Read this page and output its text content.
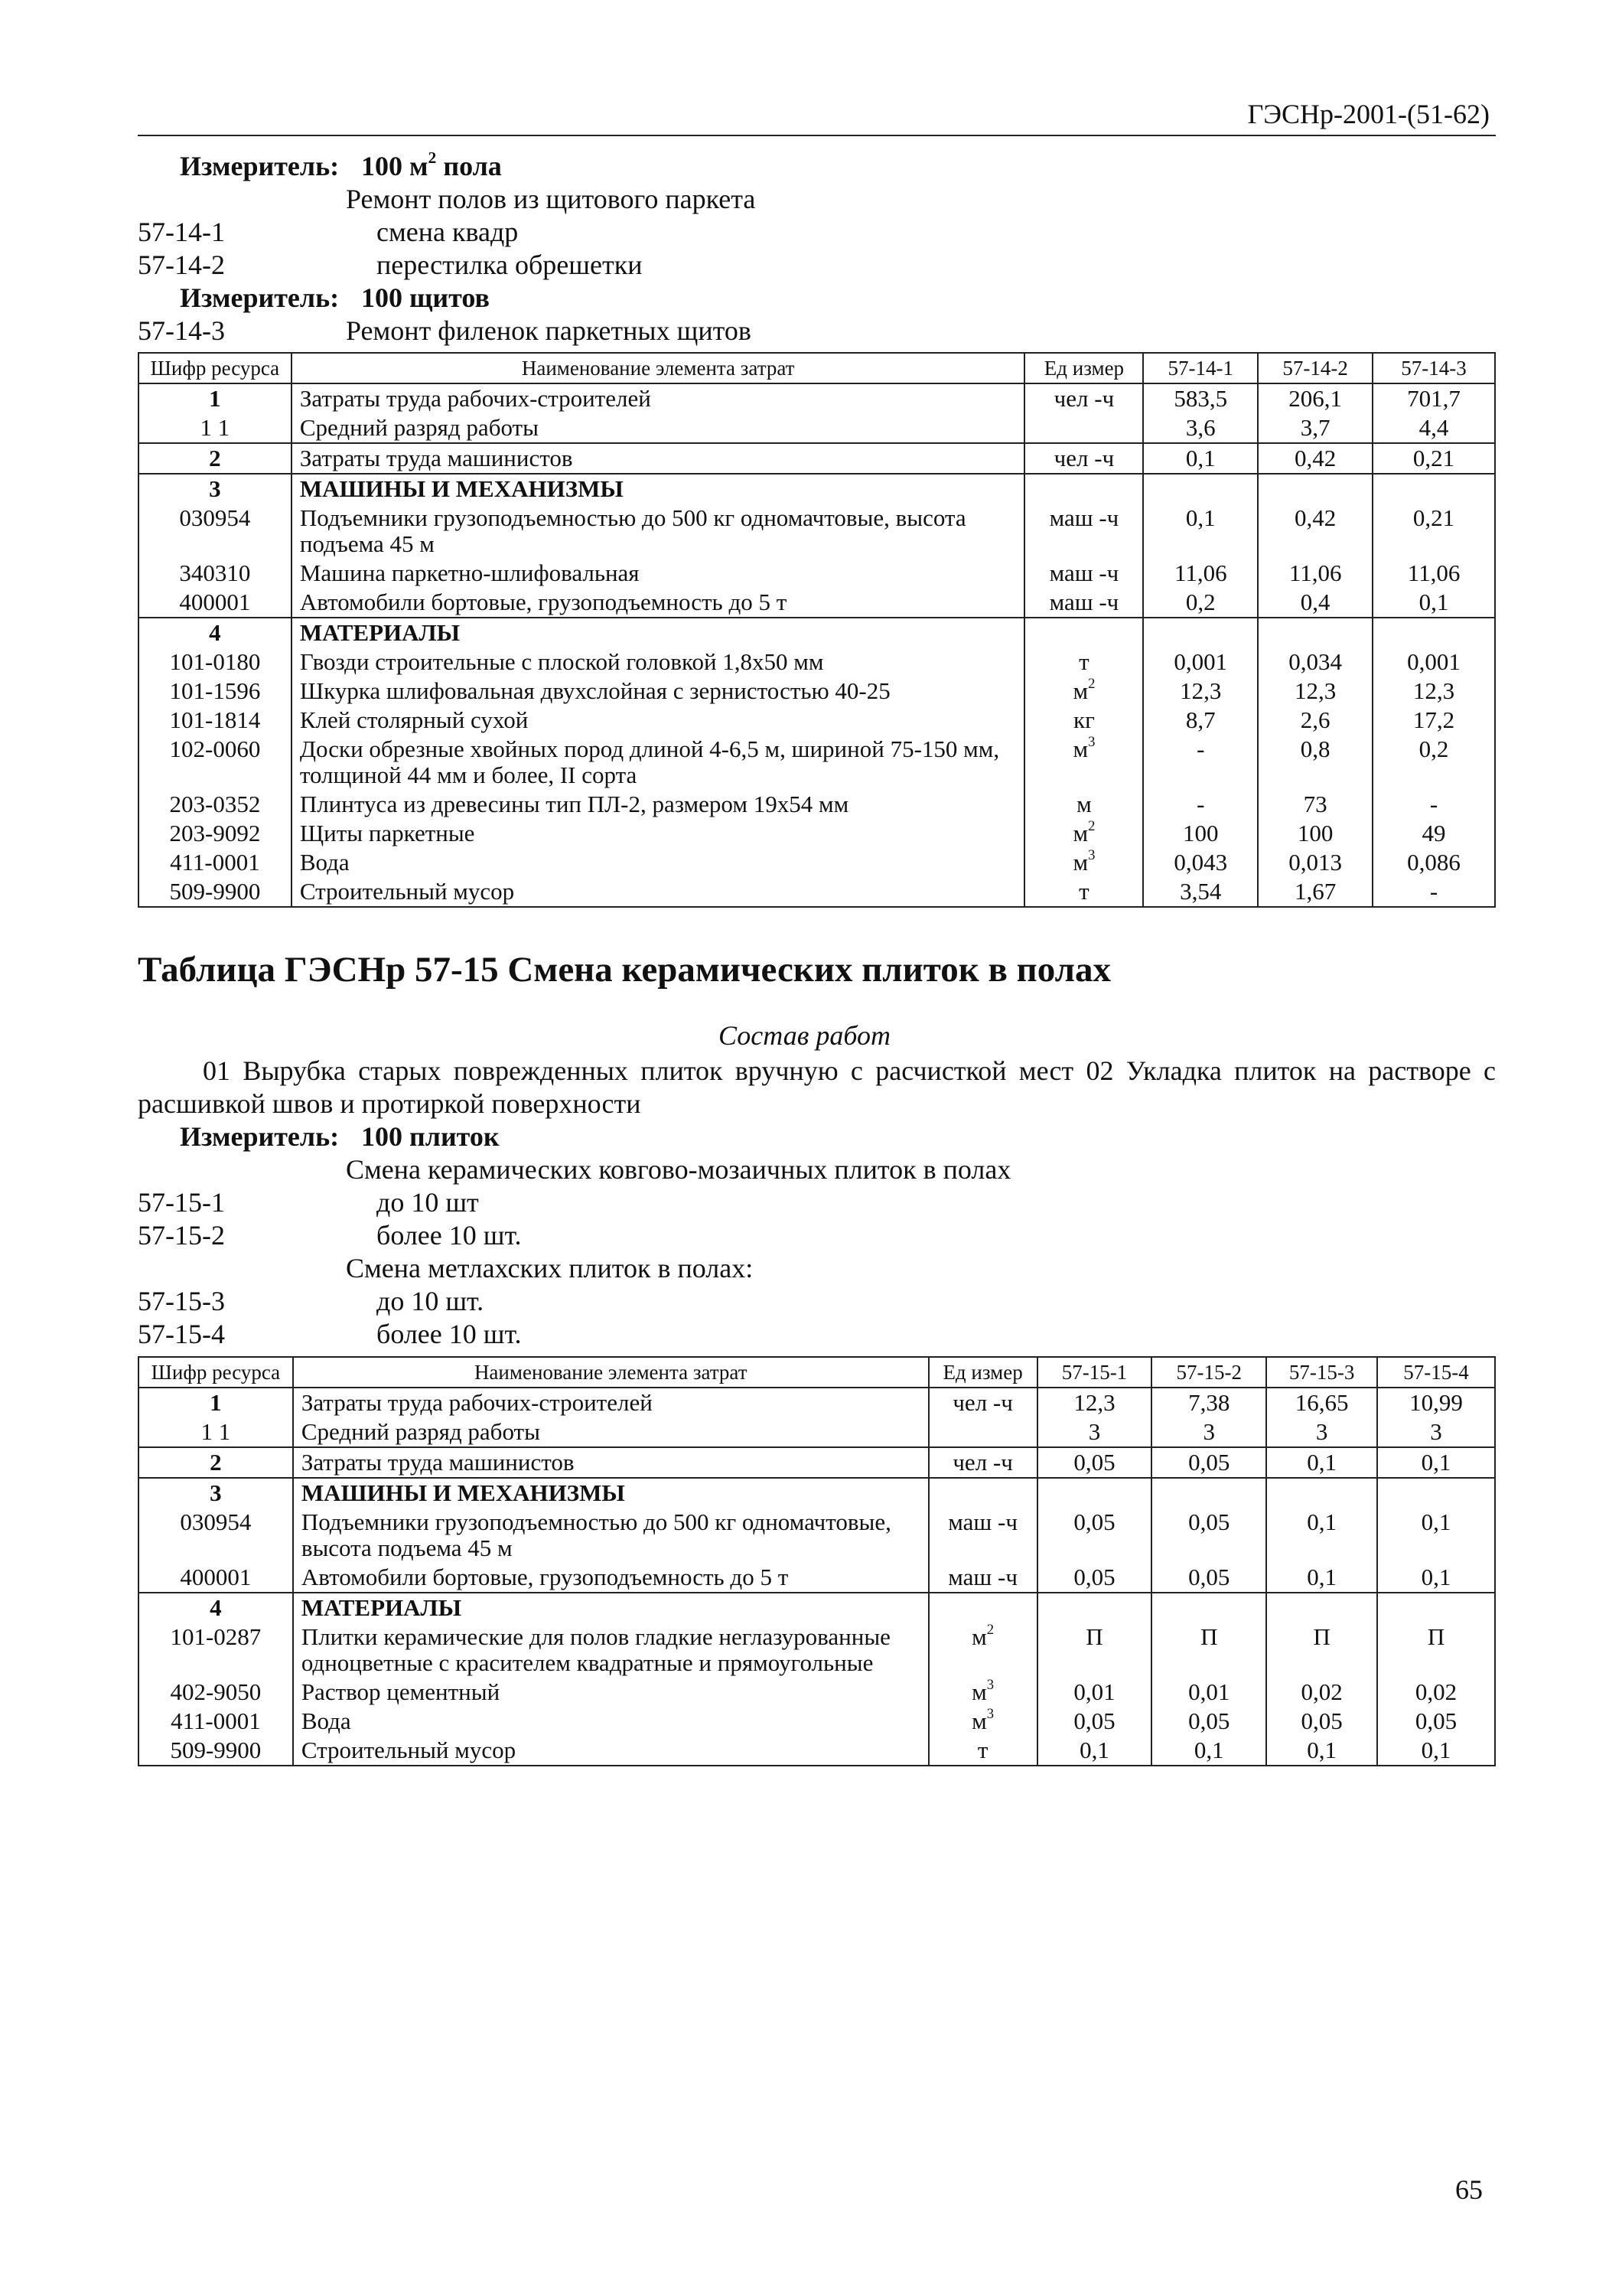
ГЭСНр-2001-(51-62)
Измеритель: 100 $м^2$ пола
Ремонт полов из щитового паркета
57-14-1	смена квадр
57-14-2	перестилка обрешетки
Измеритель: 100 щитов
57-14-3	Ремонт филенок паркетных щитов
Шифр ресурса	Наименование элемента затрат	Ед измер	57-14-1	57-14-2	57-14-3
1	Затраты труда рабочих-строителей	чел -ч	583,5	206,1	701,7
1 1	Средний разряд работы		3,6	3,7	4,4
2	Затраты труда машинистов	чел -ч	0,1	0,42	0,21
3	МАШИНЫ И МЕХАНИЗМЫ				
030954	Подъемники грузоподъемностью до 500 кг одномачтовые, высота подъема 45 м	маш -ч	0,1	0,42	0,21
340310	Машина паркетно-шлифовальная	маш -ч	11,06	11,06	11,06
400001	Автомобили бортовые, грузоподъемность до 5 т	маш -ч	0,2	0,4	0,1
4	МАТЕРИАЛЫ				
101-0180	Гвозди строительные с плоской головкой 1,8х50 мм	т	0,001	0,034	0,001
101-1596	Шкурка шлифовальная двухслойная с зернистостью 40-25	$м^2$	12,3	12,3	12,3
101-1814	Клей столярный сухой	кг	8,7	2,6	17,2
102-0060	Доски обрезные хвойных пород длиной 4-6,5 м, шириной 75-150 мм, толщиной 44 мм и более, II сорта	$м^3$	-	0,8	0,2
203-0352	Плинтуса из древесины тип ПЛ-2, размером 19х54 мм	м	-	73	-
203-9092	Щиты паркетные	$м^2$	100	100	49
411-0001	Вода	$м^3$	0,043	0,013	0,086
509-9900	Строительный мусор	т	3,54	1,67	-
Таблица ГЭСНр 57-15 Смена керамических плиток в полах
Состав работ
01 Вырубка старых поврежденных плиток вручную с расчисткой мест 02 Укладка плиток на растворе с расшивкой швов и протиркой поверхности
Измеритель: 100 плиток
Смена керамических ковгово-мозаичных плиток в полах
57-15-1	до 10 шт
57-15-2	более 10 шт.
Смена метлахских плиток в полах:
57-15-3	до 10 шт.
57-15-4	более 10 шт.
Шифр ресурса	Наименование элемента затрат	Ед измер	57-15-1	57-15-2	57-15-3	57-15-4
1	Затраты труда рабочих-строителей	чел -ч	12,3	7,38	16,65	10,99
1 1	Средний разряд работы		3	3	3	3
2	Затраты труда машинистов	чел -ч	0,05	0,05	0,1	0,1
3	МАШИНЫ И МЕХАНИЗМЫ					
030954	Подъемники грузоподъемностью до 500 кг одномачтовые, высота подъема 45 м	маш -ч	0,05	0,05	0,1	0,1
400001	Автомобили бортовые, грузоподъемность до 5 т	маш -ч	0,05	0,05	0,1	0,1
4	МАТЕРИАЛЫ					
101-0287	Плитки керамические для полов гладкие неглазурованные одноцветные с красителем квадратные и прямоугольные	$м^2$	П	П	П	П
402-9050	Раствор цементный	$м^3$	0,01	0,01	0,02	0,02
411-0001	Вода	$м^3$	0,05	0,05	0,05	0,05
509-9900	Строительный мусор	т	0,1	0,1	0,1	0,1
65
